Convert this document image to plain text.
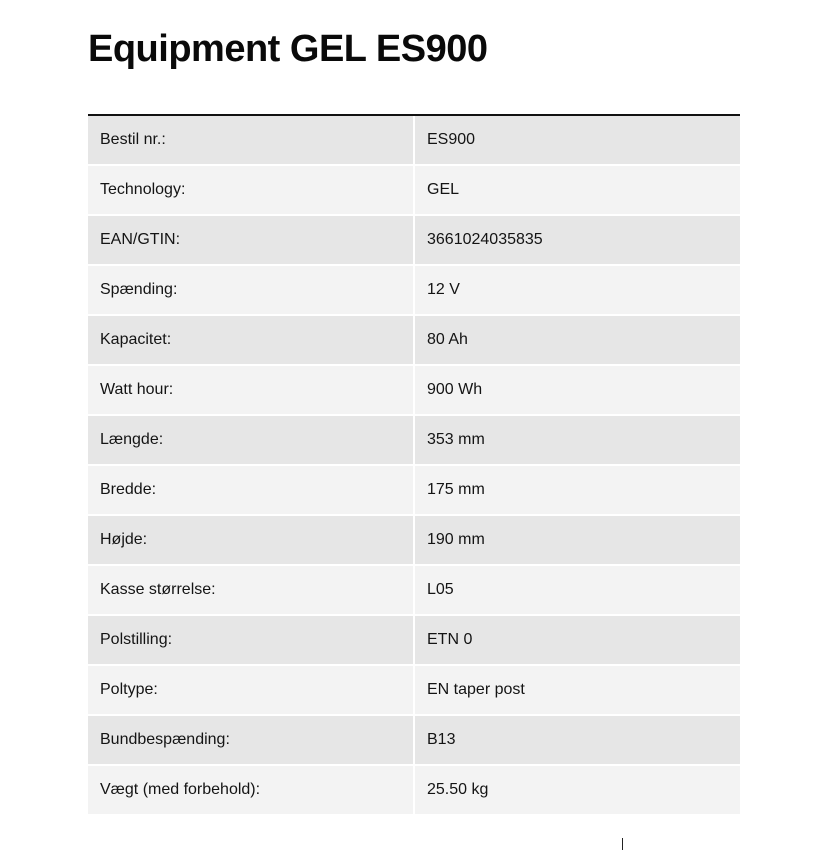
Equipment GEL ES900
Bestil nr.:	ES900
Technology:	GEL
EAN/GTIN:	3661024035835
Spænding:	12 V
Kapacitet:	80 Ah
Watt hour:	900 Wh
Længde:	353 mm
Bredde:	175 mm
Højde:	190 mm
Kasse størrelse:	L05
Polstilling:	ETN 0
Poltype:	EN taper post
Bundbespænding:	B13
Vægt (med forbehold):	25.50 kg
